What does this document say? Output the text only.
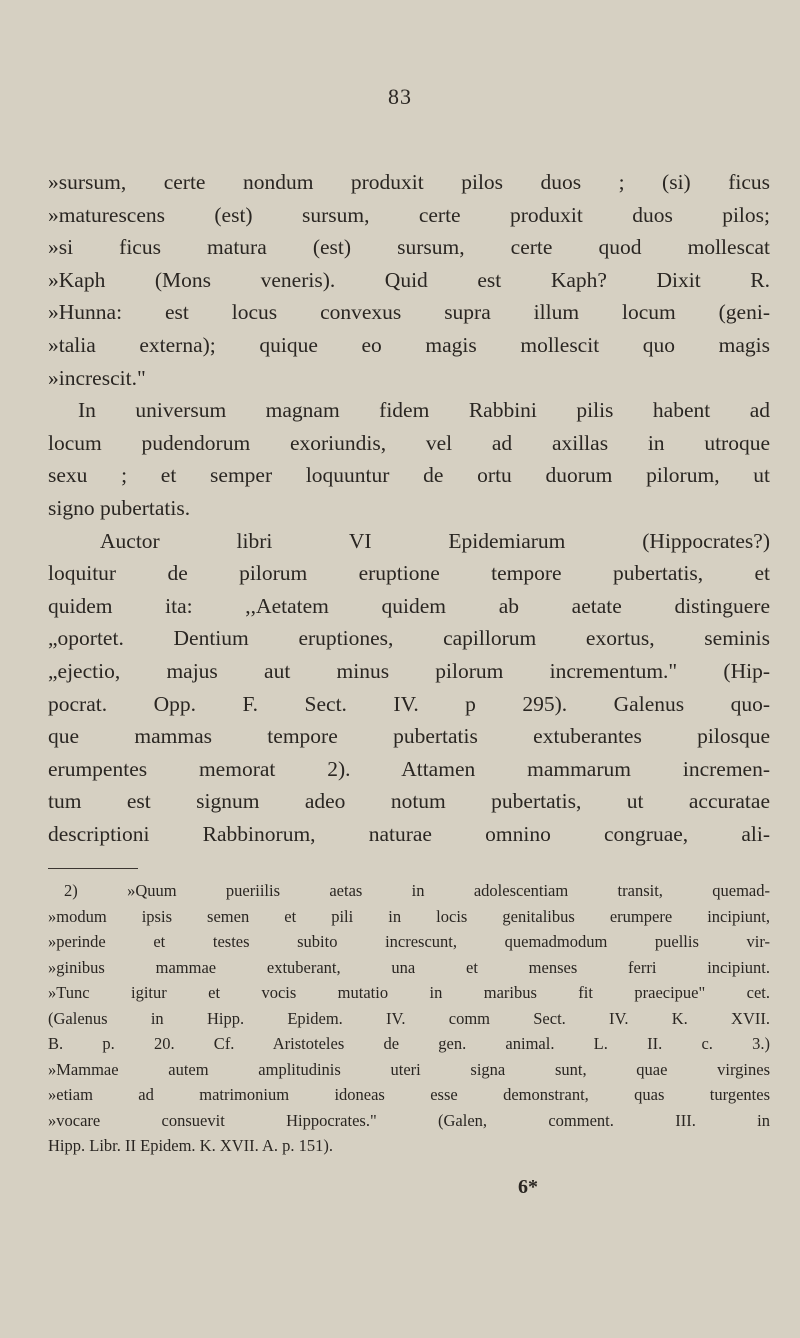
83
»sursum, certe nondum produxit pilos duos ; (si) ficus
»maturescens (est) sursum, certe produxit duos pilos;
»si ficus matura (est) sursum, certe quod mollescat
»Kaph (Mons veneris). Quid est Kaph? Dixit R.
»Hunna: est locus convexus supra illum locum (geni-
»talia externa); quique eo magis mollescit quo magis
»increscit."
In universum magnam fidem Rabbini pilis habent ad
locum pudendorum exoriundis, vel ad axillas in utroque
sexu ; et semper loquuntur de ortu duorum pilorum, ut
signo pubertatis.
Auctor libri VI Epidemiarum (Hippocrates?)
loquitur de pilorum eruptione tempore pubertatis, et
quidem ita: ,,Aetatem quidem ab aetate distinguere
„oportet. Dentium eruptiones, capillorum exortus, seminis
„ejectio, majus aut minus pilorum incrementum." (Hip-
pocrat. Opp. F. Sect. IV. p 295). Galenus quo-
que mammas tempore pubertatis extuberantes pilosque
erumpentes memorat 2). Attamen mammarum incremen-
tum est signum adeo notum pubertatis, ut accuratae
descriptioni Rabbinorum, naturae omnino congruae, ali-
2) »Quum pueriilis aetas in adolescentiam transit, quemad-
»modum ipsis semen et pili in locis genitalibus erumpere incipiunt,
»perinde et testes subito increscunt, quemadmodum puellis vir-
»ginibus mammae extuberant, una et menses ferri incipiunt.
»Tunc igitur et vocis mutatio in maribus fit praecipue" cet.
(Galenus in Hipp. Epidem. IV. comm Sect. IV. K. XVII.
B. p. 20. Cf. Aristoteles de gen. animal. L. II. c. 3.)
»Mammae autem amplitudinis uteri signa sunt, quae virgines
»etiam ad matrimonium idoneas esse demonstrant, quas turgentes
»vocare consuevit Hippocrates." (Galen, comment. III. in
Hipp. Libr. II Epidem. K. XVII. A. p. 151).
6*
